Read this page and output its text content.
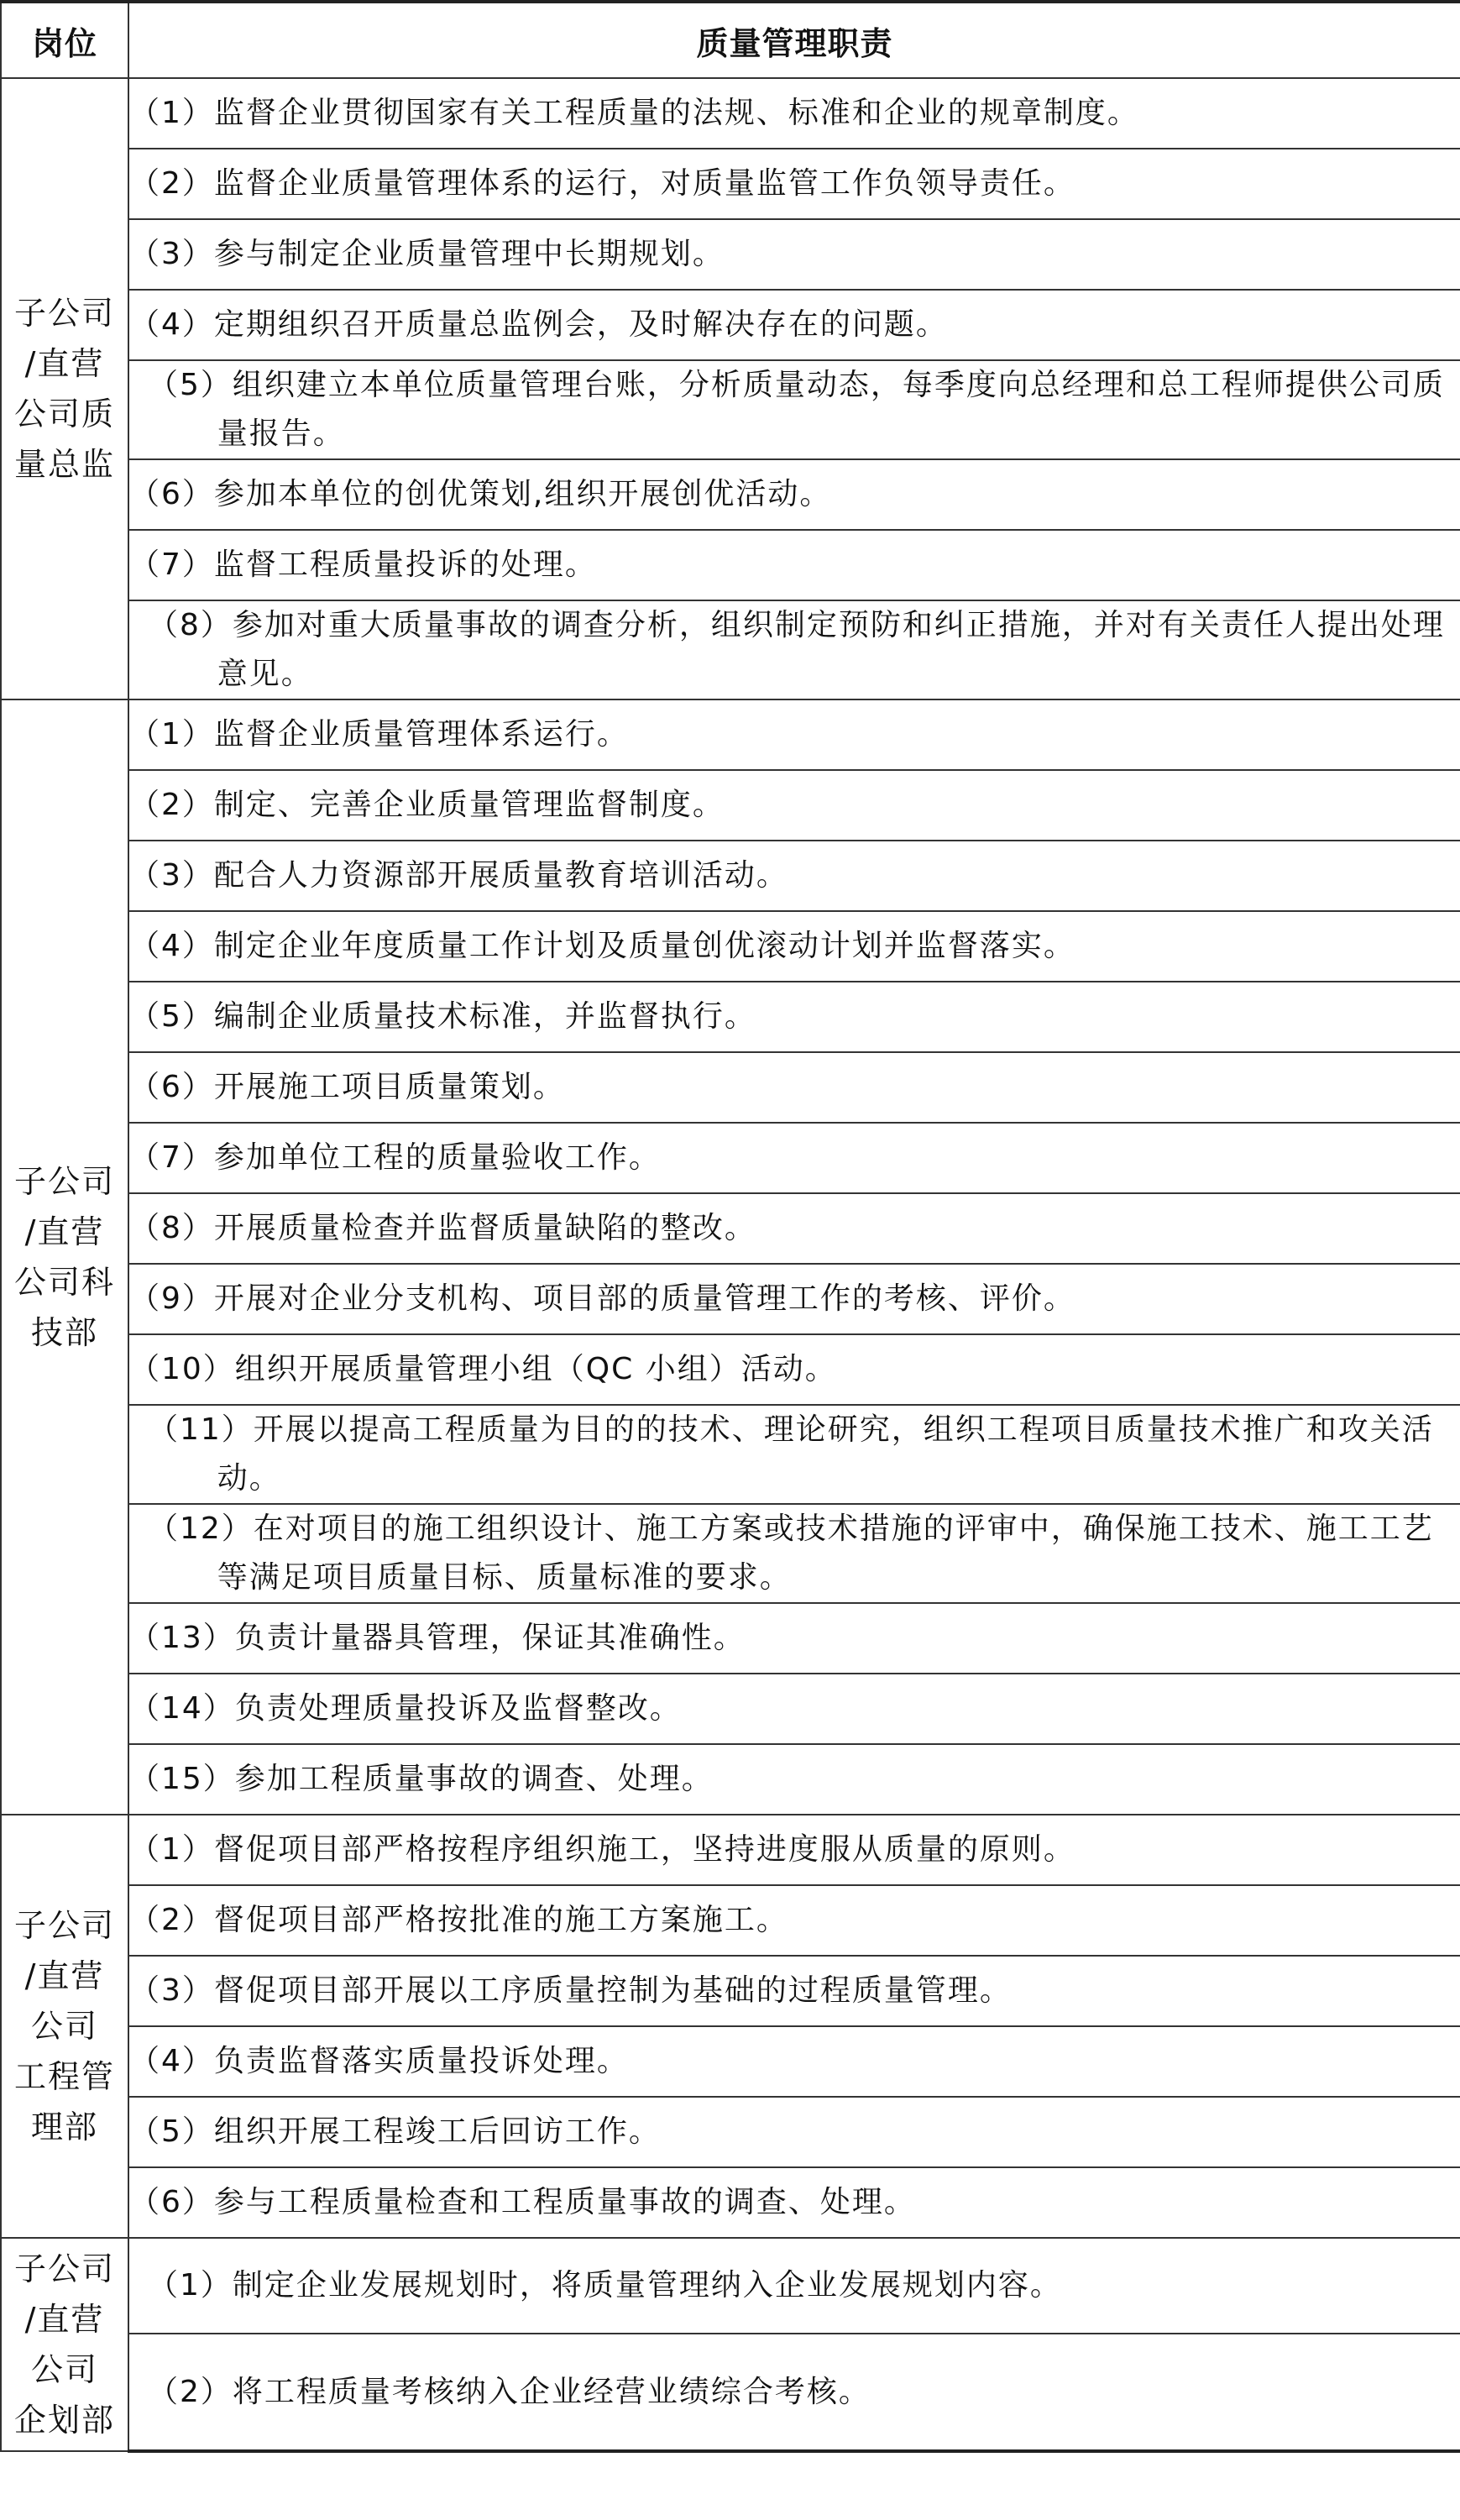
岗位	质量管理职责

子公司
/直营
公司质
量总监	（1）监督企业贯彻国家有关工程质量的法规、标准和企业的规章制度。
	（2）监督企业质量管理体系的运行，对质量监管工作负领导责任。
	（3）参与制定企业质量管理中长期规划。
	（4）定期组织召开质量总监例会，及时解决存在的问题。
	（5）组织建立本单位质量管理台账，分析质量动态，每季度向总经理和总工程师提供公司质量报告。
	（6）参加本单位的创优策划,组织开展创优活动。
	（7）监督工程质量投诉的处理。
	（8）参加对重大质量事故的调查分析，组织制定预防和纠正措施，并对有关责任人提出处理意见。

子公司
/直营
公司科
技部	（1）监督企业质量管理体系运行。
	（2）制定、完善企业质量管理监督制度。
	（3）配合人力资源部开展质量教育培训活动。
	（4）制定企业年度质量工作计划及质量创优滚动计划并监督落实。
	（5）编制企业质量技术标准，并监督执行。
	（6）开展施工项目质量策划。
	（7）参加单位工程的质量验收工作。
	（8）开展质量检查并监督质量缺陷的整改。
	（9）开展对企业分支机构、项目部的质量管理工作的考核、评价。
	（10）组织开展质量管理小组（QC 小组）活动。
	（11）开展以提高工程质量为目的的技术、理论研究，组织工程项目质量技术推广和攻关活动。
	（12）在对项目的施工组织设计、施工方案或技术措施的评审中，确保施工技术、施工工艺等满足项目质量目标、质量标准的要求。
	（13）负责计量器具管理，保证其准确性。
	（14）负责处理质量投诉及监督整改。
	（15）参加工程质量事故的调查、处理。

子公司
/直营
公司
工程管
理部	（1）督促项目部严格按程序组织施工，坚持进度服从质量的原则。
	（2）督促项目部严格按批准的施工方案施工。
	（3）督促项目部开展以工序质量控制为基础的过程质量管理。
	（4）负责监督落实质量投诉处理。
	（5）组织开展工程竣工后回访工作。
	（6）参与工程质量检查和工程质量事故的调查、处理。

子公司
/直营
公司
企划部	（1）制定企业发展规划时，将质量管理纳入企业发展规划内容。
	（2）将工程质量考核纳入企业经营业绩综合考核。
